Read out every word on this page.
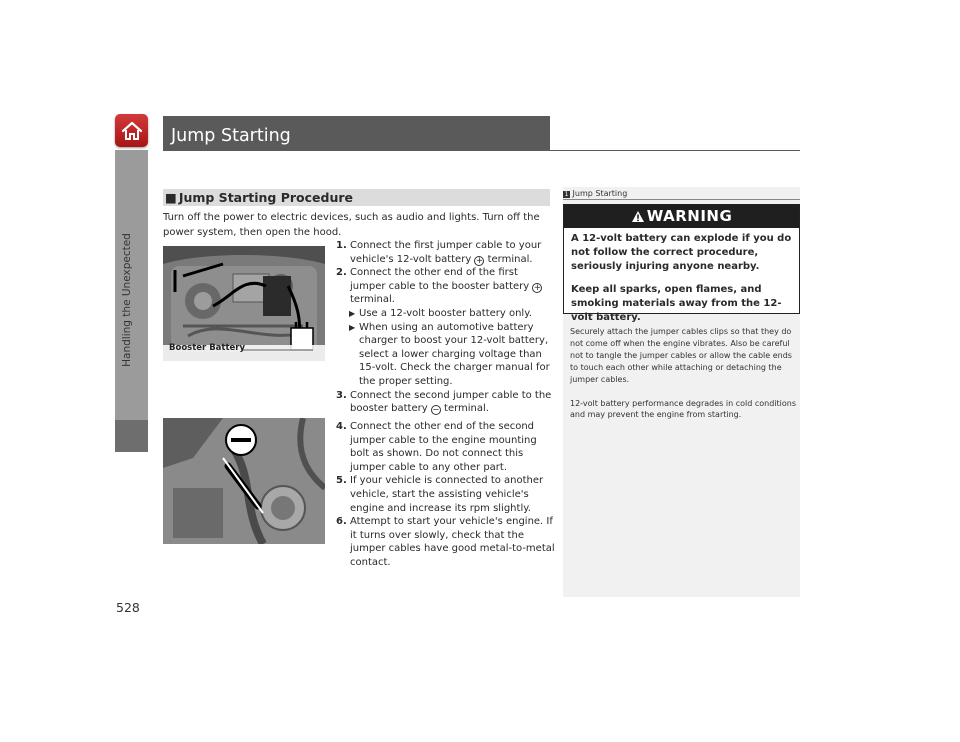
Handling the Unexpected
528
Jump Starting
■ Jump Starting Procedure
Turn off the power to electric devices, such as audio and lights. Turn off the power system, then open the hood.
Booster Battery
1. Connect the first jumper cable to your vehicle's 12-volt battery + terminal.
2. Connect the other end of the first jumper cable to the booster battery + terminal.
▶ Use a 12-volt booster battery only.
▶ When using an automotive battery charger to boost your 12-volt battery, select a lower charging voltage than 15-volt. Check the charger manual for the proper setting.
3. Connect the second jumper cable to the booster battery − terminal.
4. Connect the other end of the second jumper cable to the engine mounting bolt as shown. Do not connect this jumper cable to any other part.
5. If your vehicle is connected to another vehicle, start the assisting vehicle's engine and increase its rpm slightly.
6. Attempt to start your vehicle's engine. If it turns over slowly, check that the jumper cables have good metal-to-metal contact.
1 Jump Starting
WARNING

A 12-volt battery can explode if you do not follow the correct procedure, seriously injuring anyone nearby.

Keep all sparks, open flames, and smoking materials away from the 12-volt battery.

Securely attach the jumper cables clips so that they do not come off when the engine vibrates. Also be careful not to tangle the jumper cables or allow the cable ends to touch each other while attaching or detaching the jumper cables.

12-volt battery performance degrades in cold conditions and may prevent the engine from starting.
